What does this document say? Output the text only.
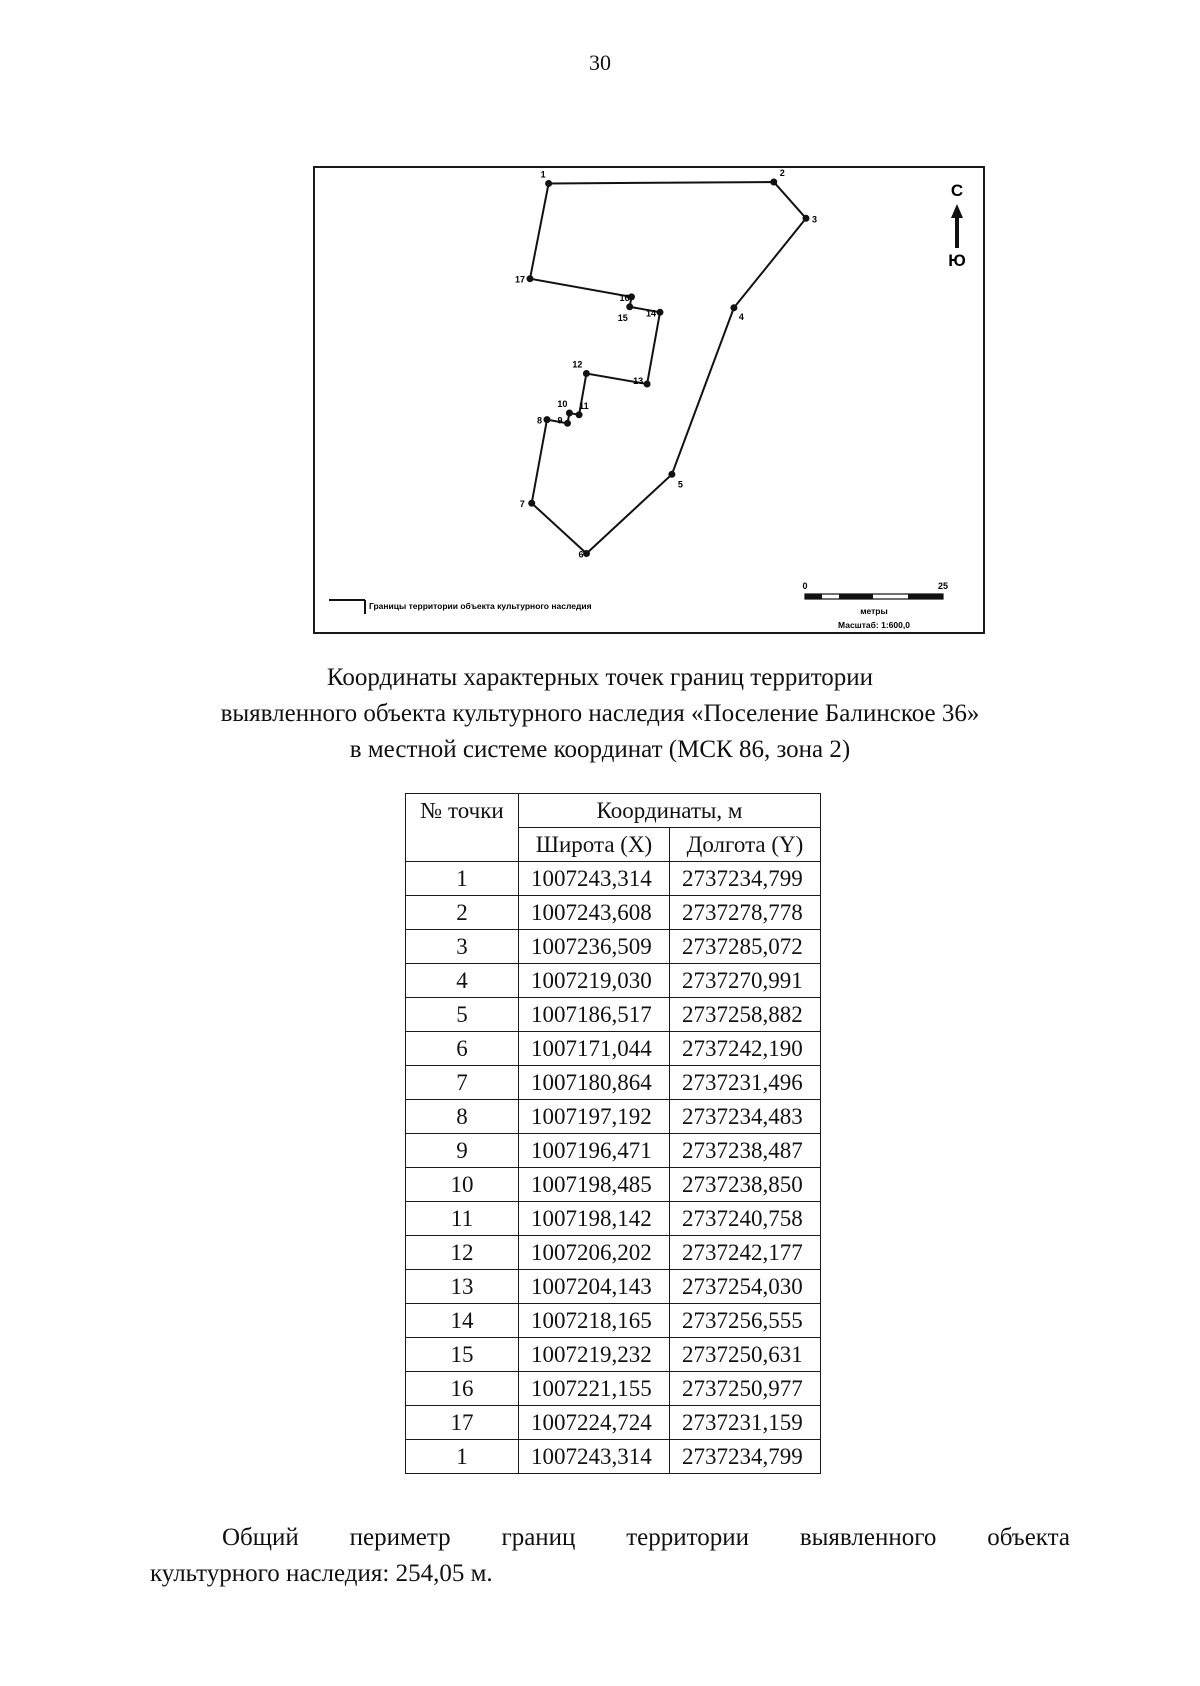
30
1	2
3
4
5
6
7
8 9
10 11
12
13
14
15
16
17
С
Ю
Границы территории объекта культурного наследия
0	25
метры
Масштаб: 1:600,0
Координаты характерных точек границ территории
выявленного объекта культурного наследия «Поселение Балинское 36»
в местной системе координат (МСК 86, зона 2)
№ точки	Координаты, м	
	Широта (X)	Долгота (Y)
1	1007243,314	2737234,799
2	1007243,608	2737278,778
3	1007236,509	2737285,072
4	1007219,030	2737270,991
5	1007186,517	2737258,882
6	1007171,044	2737242,190
7	1007180,864	2737231,496
8	1007197,192	2737234,483
9	1007196,471	2737238,487
10	1007198,485	2737238,850
11	1007198,142	2737240,758
12	1007206,202	2737242,177
13	1007204,143	2737254,030
14	1007218,165	2737256,555
15	1007219,232	2737250,631
16	1007221,155	2737250,977
17	1007224,724	2737231,159
1	1007243,314	2737234,799
Общий периметр границ территории выявленного объекта
культурного наследия: 254,05 м.
